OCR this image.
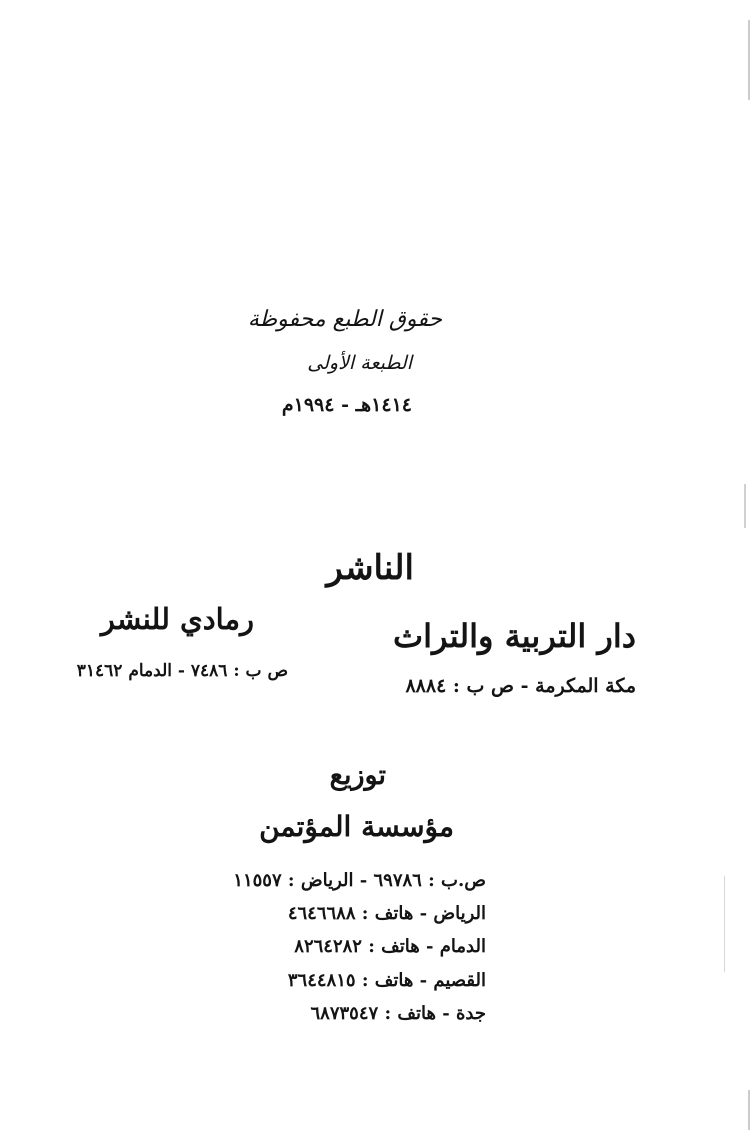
حقوق الطبع محفوظة
الطبعة الأولى
١٤١٤هـ - ١٩٩٤م
الناشر
دار التربية والتراث
مكة المكرمة - ص ب : ٨٨٨٤
رمادي للنشر
ص ب : ٧٤٨٦ - الدمام ٣١٤٦٢
توزيع
مؤسسة المؤتمن
ص.ب : ٦٩٧٨٦ - الرياض : ١١٥٥٧
الرياض - هاتف : ٤٦٤٦٦٨٨
الدمام - هاتف : ٨٢٦٤٢٨٢
القصيم - هاتف : ٣٦٤٤٨١٥
جدة - هاتف : ٦٨٧٣٥٤٧
